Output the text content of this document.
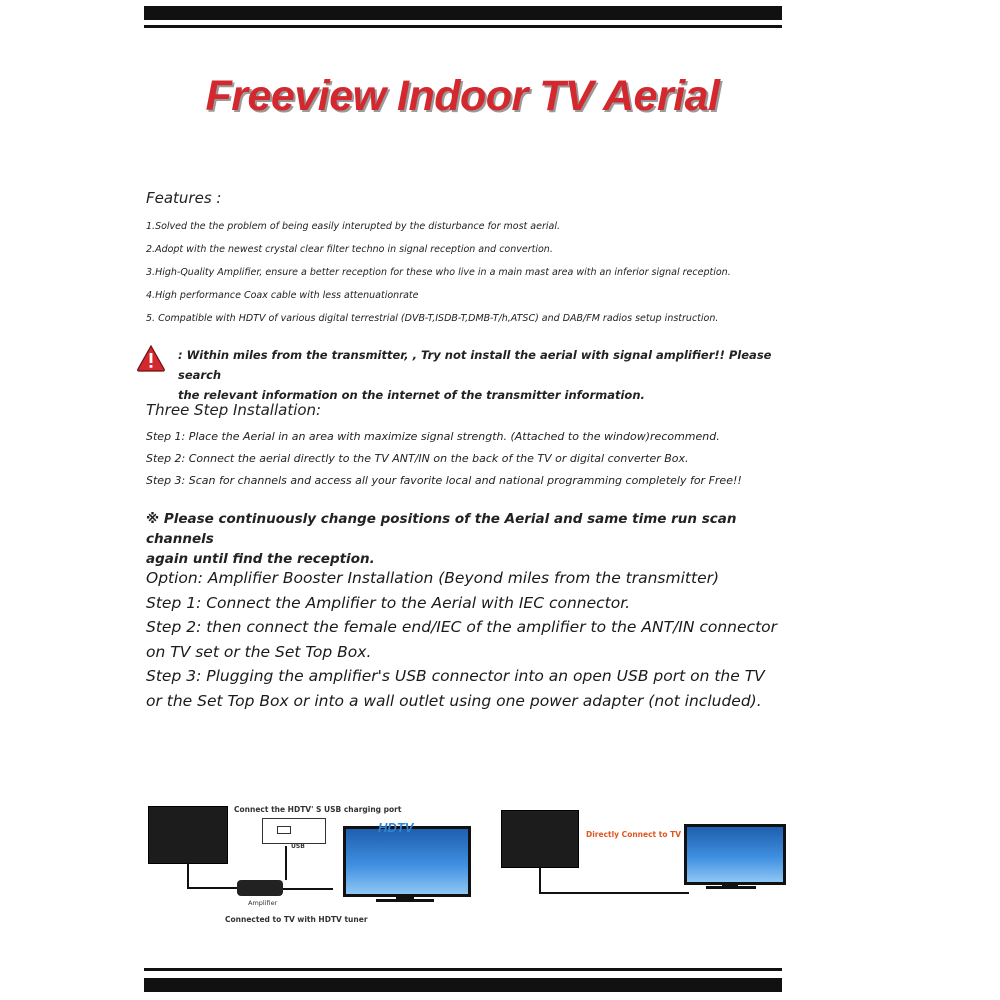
Freeview Indoor TV Aerial
Features :
1.Solved the the problem of being easily interupted by the disturbance for most aerial.
2.Adopt with the newest crystal clear filter techno in signal reception and convertion.
3.High-Quality Amplifier, ensure a better reception for these who live in a main mast area with an inferior signal reception.
4.High performance Coax cable with less attenuationrate
5. Compatible with HDTV of various digital terrestrial (DVB-T,ISDB-T,DMB-T/h,ATSC) and DAB/FM radios setup instruction.
: Within miles from the transmitter, , Try not install the aerial with signal amplifier!! Please search
the relevant information on the internet of the transmitter information.
Three Step Installation:
Step 1: Place the Aerial in an area with maximize signal strength. (Attached to the window)recommend.
Step 2: Connect the aerial directly to the TV ANT/IN on the back of the TV or digital converter Box.
Step 3: Scan for channels and access all your favorite local and national programming completely for Free!!
※ Please continuously change positions of the Aerial and same time run scan channels
again until find the reception.
Option: Amplifier Booster Installation (Beyond miles from the transmitter)
Step 1: Connect the Amplifier to the Aerial with IEC connector.
Step 2: then connect the female end/IEC of the amplifier to the ANT/IN connector
on TV set or the Set Top Box.
Step 3: Plugging the amplifier's USB connector into an open USB port on the TV
or the Set Top Box or into a wall outlet using one power adapter (not included).
Amplifier
Connect the HDTV' S USB charging port
USB
HDTV
Connected to TV with HDTV tuner
Directly Connect to TV
